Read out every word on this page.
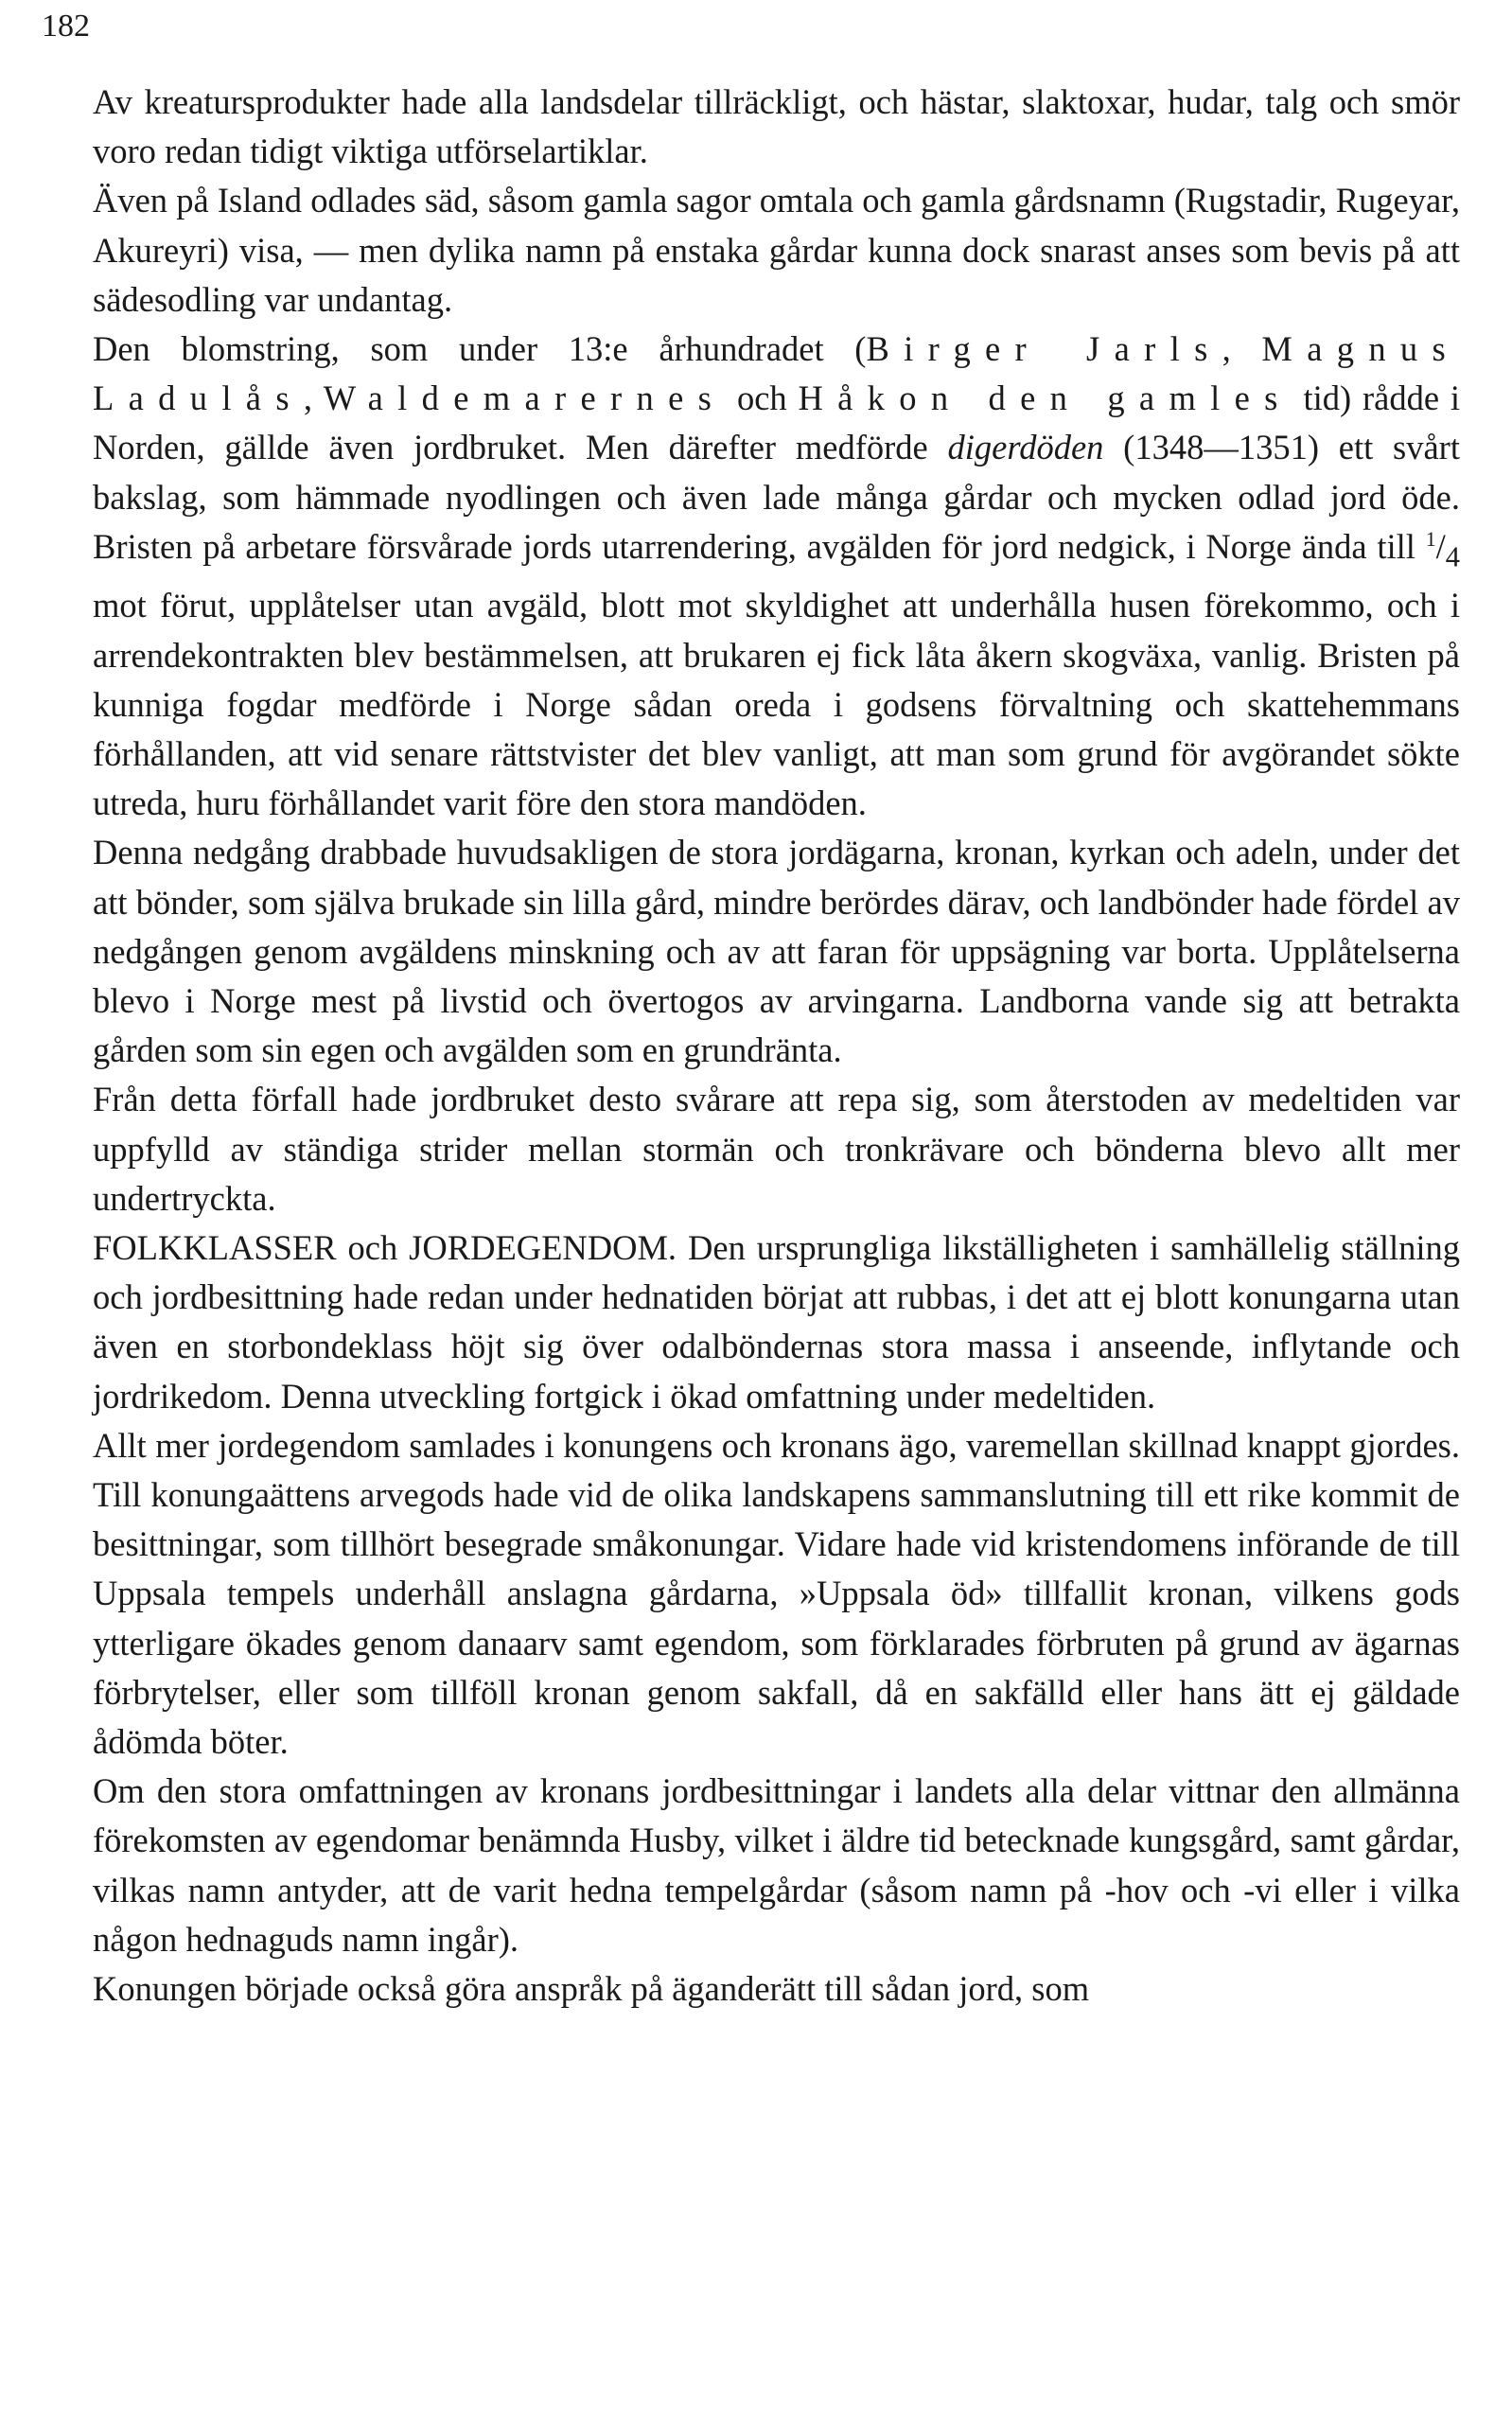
182

Av kreatursprodukter hade alla landsdelar tillräckligt, och hästar, slaktoxar, hudar, talg och smör voro redan tidigt viktiga utförselartiklar.

Även på Island odlades säd, såsom gamla sagor omtala och gamla gårdsnamn (Rugstadir, Rugeyar, Akureyri) visa, — men dylika namn på enstaka gårdar kunna dock snarast anses som bevis på att sädesodling var undantag.

Den blomstring, som under 13:e århundradet (Birger Jarls, Magnus Ladulås, Waldemarernes och Håkon den gamles tid) rådde i Norden, gällde även jordbruket. Men därefter medförde digerdöden (1348—1351) ett svårt bakslag, som hämmade nyodlingen och även lade många gårdar och mycken odlad jord öde. Bristen på arbetare försvårade jords utarrendering, avgälden för jord nedgick, i Norge ända till $^1/_4$ mot förut, upplåtelser utan avgäld, blott mot skyldighet att underhålla husen förekommo, och i arrendekontrakten blev bestämmelsen, att brukaren ej fick låta åkern skogväxa, vanlig. Bristen på kunniga fogdar medförde i Norge sådan oreda i godsens förvaltning och skattehemmans förhållanden, att vid senare rättstvister det blev vanligt, att man som grund för avgörandet sökte utreda, huru förhållandet varit före den stora mandöden.

Denna nedgång drabbade huvudsakligen de stora jordägarna, kronan, kyrkan och adeln, under det att bönder, som själva brukade sin lilla gård, mindre berördes därav, och landbönder hade fördel av nedgången genom avgäldens minskning och av att faran för uppsägning var borta. Upplåtelserna blevo i Norge mest på livstid och övertogos av arvingarna. Landborna vande sig att betrakta gården som sin egen och avgälden som en grundränta.

Från detta förfall hade jordbruket desto svårare att repa sig, som återstoden av medeltiden var uppfylld av ständiga strider mellan stormän och tronkrävare och bönderna blevo allt mer undertryckta.

FOLKKLASSER och JORDEGENDOM. Den ursprungliga likställigheten i samhällelig ställning och jordbesittning hade redan under hednatiden börjat att rubbas, i det att ej blott konungarna utan även en storbondeklass höjt sig över odalböndernas stora massa i anseende, inflytande och jordrikedom. Denna utveckling fortgick i ökad omfattning under medeltiden.

Allt mer jordegendom samlades i konungens och kronans ägo, varemellan skillnad knappt gjordes. Till konungaättens arvegods hade vid de olika landskapens sammanslutning till ett rike kommit de besittningar, som tillhört besegrade småkonungar. Vidare hade vid kristendomens införande de till Uppsala tempels underhåll anslagna gårdarna, »Uppsala öd» tillfallit kronan, vilkens gods ytterligare ökades genom danaarv samt egendom, som förklarades förbruten på grund av ägarnas förbrytelser, eller som tillföll kronan genom sakfall, då en sakfälld eller hans ätt ej gäldade ådömda böter.

Om den stora omfattningen av kronans jordbesittningar i landets alla delar vittnar den allmänna förekomsten av egendomar benämnda Husby, vilket i äldre tid betecknade kungsgård, samt gårdar, vilkas namn antyder, att de varit hedna tempelgårdar (såsom namn på -hov och -vi eller i vilka någon hednaguds namn ingår).

Konungen började också göra anspråk på äganderätt till sådan jord, som
